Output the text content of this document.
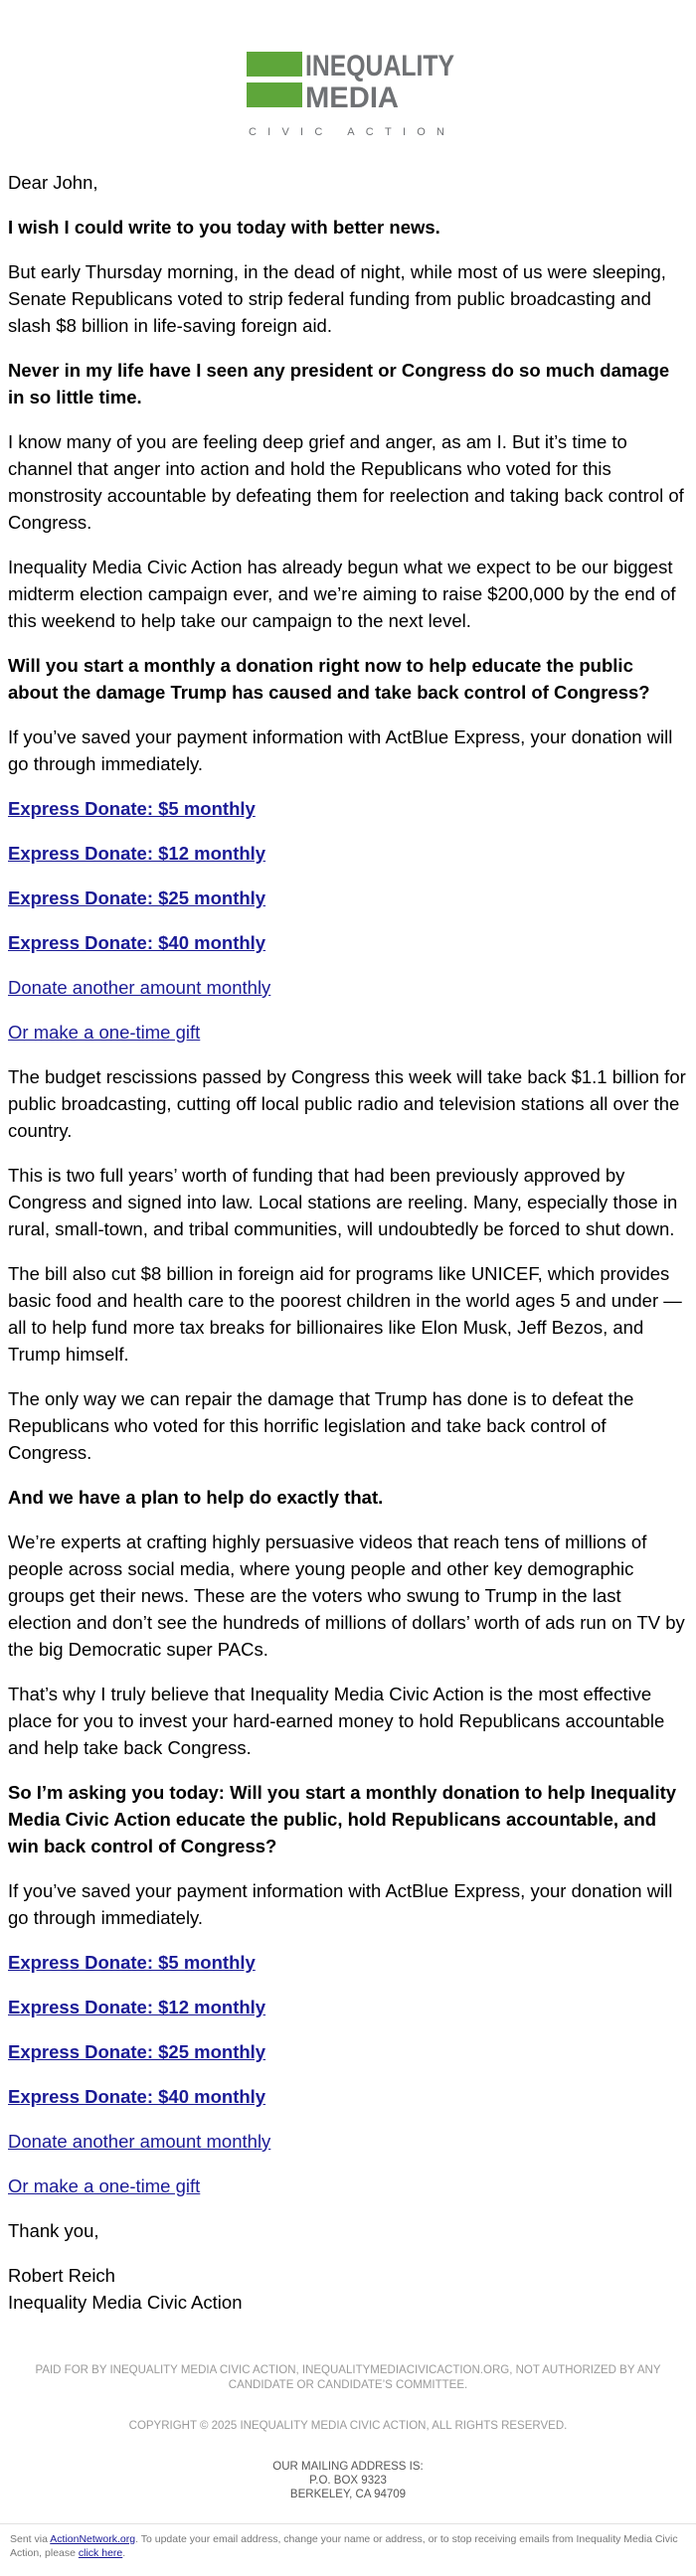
INEQUALITY
MEDIA
CIVIC ACTION

Dear John,

I wish I could write to you today with better news.

But early Thursday morning, in the dead of night, while most of us were sleeping, Senate Republicans voted to strip federal funding from public broadcasting and slash $8 billion in life-saving foreign aid.

Never in my life have I seen any president or Congress do so much damage in so little time.

I know many of you are feeling deep grief and anger, as am I. But it’s time to channel that anger into action and hold the Republicans who voted for this monstrosity accountable by defeating them for reelection and taking back control of Congress.

Inequality Media Civic Action has already begun what we expect to be our biggest midterm election campaign ever, and we’re aiming to raise $200,000 by the end of this weekend to help take our campaign to the next level.

Will you start a monthly a donation right now to help educate the public about the damage Trump has caused and take back control of Congress?

If you’ve saved your payment information with ActBlue Express, your donation will go through immediately.

Express Donate: $5 monthly

Express Donate: $12 monthly

Express Donate: $25 monthly

Express Donate: $40 monthly

Donate another amount monthly

Or make a one-time gift

The budget rescissions passed by Congress this week will take back $1.1 billion for public broadcasting, cutting off local public radio and television stations all over the country.

This is two full years’ worth of funding that had been previously approved by Congress and signed into law. Local stations are reeling. Many, especially those in rural, small-town, and tribal communities, will undoubtedly be forced to shut down.

The bill also cut $8 billion in foreign aid for programs like UNICEF, which provides basic food and health care to the poorest children in the world ages 5 and under — all to help fund more tax breaks for billionaires like Elon Musk, Jeff Bezos, and Trump himself.

The only way we can repair the damage that Trump has done is to defeat the Republicans who voted for this horrific legislation and take back control of Congress.

And we have a plan to help do exactly that.

We’re experts at crafting highly persuasive videos that reach tens of millions of people across social media, where young people and other key demographic groups get their news. These are the voters who swung to Trump in the last election and don’t see the hundreds of millions of dollars’ worth of ads run on TV by the big Democratic super PACs.

That’s why I truly believe that Inequality Media Civic Action is the most effective place for you to invest your hard-earned money to hold Republicans accountable and help take back Congress.

So I’m asking you today: Will you start a monthly donation to help Inequality Media Civic Action educate the public, hold Republicans accountable, and win back control of Congress?

If you’ve saved your payment information with ActBlue Express, your donation will go through immediately.

Express Donate: $5 monthly

Express Donate: $12 monthly

Express Donate: $25 monthly

Express Donate: $40 monthly

Donate another amount monthly

Or make a one-time gift

Thank you,

Robert Reich

Inequality Media Civic Action

PAID FOR BY INEQUALITY MEDIA CIVIC ACTION, INEQUALITYMEDIACIVICACTION.ORG, NOT AUTHORIZED BY ANY CANDIDATE OR CANDIDATE’S COMMITTEE.
COPYRIGHT © 2025 INEQUALITY MEDIA CIVIC ACTION, ALL RIGHTS RESERVED.
OUR MAILING ADDRESS IS:
P.O. BOX 9323
BERKELEY, CA 94709
Sent via ActionNetwork.org. To update your email address, change your name or address, or to stop receiving emails from Inequality Media Civic Action, please click here.
